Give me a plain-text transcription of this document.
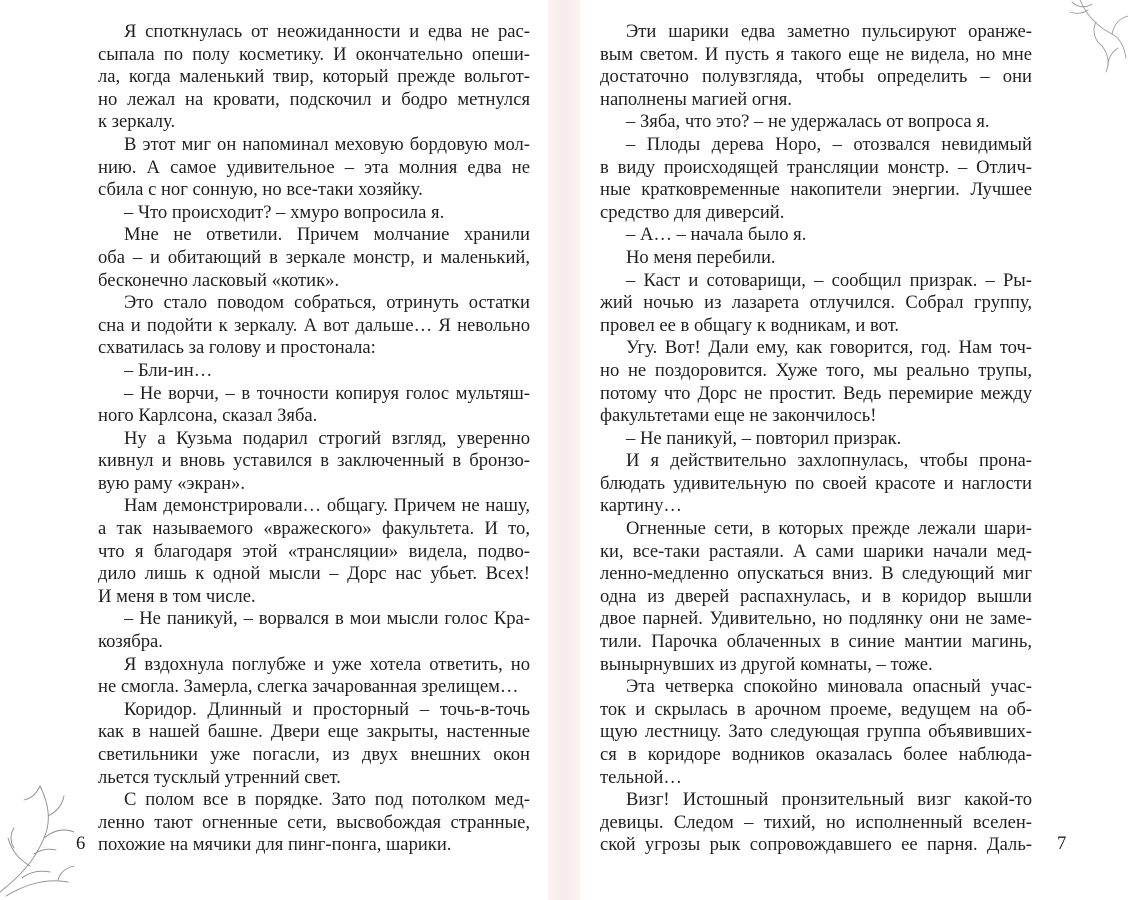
Я споткнулась от неожиданности и едва не рас-
сыпала по полу косметику. И окончательно опеши-
ла, когда маленький твир, который прежде вольгот-
но лежал на кровати, подскочил и бодро метнулся
к зеркалу.
В этот миг он напоминал меховую бордовую мол-
нию. А самое удивительное – эта молния едва не
сбила с ног сонную, но все-таки хозяйку.
– Что происходит? – хмуро вопросила я.
Мне не ответили. Причем молчание хранили
оба – и обитающий в зеркале монстр, и маленький,
бесконечно ласковый «котик».
Это стало поводом собраться, отринуть остатки
сна и подойти к зеркалу. А вот дальше… Я невольно
схватилась за голову и простонала:
– Бли-ин…
– Не ворчи, – в точности копируя голос мультяш-
ного Карлсона, сказал Зяба.
Ну а Кузьма подарил строгий взгляд, уверенно
кивнул и вновь уставился в заключенный в бронзо-
вую раму «экран».
Нам демонстрировали… общагу. Причем не нашу,
а так называемого «вражеского» факультета. И то,
что я благодаря этой «трансляции» видела, подво-
дило лишь к одной мысли – Дорс нас убьет. Всех!
И меня в том числе.
– Не паникуй, – ворвался в мои мысли голос Кра-
козябра.
Я вздохнула поглубже и уже хотела ответить, но
не смогла. Замерла, слегка зачарованная зрелищем…
Коридор. Длинный и просторный – точь-в-точь
как в нашей башне. Двери еще закрыты, настенные
светильники уже погасли, из двух внешних окон
льется тусклый утренний свет.
С полом все в порядке. Зато под потолком мед-
ленно тают огненные сети, высвобождая странные,
похожие на мячики для пинг-понга, шарики.
6
Эти шарики едва заметно пульсируют оранже-
вым светом. И пусть я такого еще не видела, но мне
достаточно полувзгляда, чтобы определить – они
наполнены магией огня.
– Зяба, что это? – не удержалась от вопроса я.
– Плоды дерева Норо, – отозвался невидимый
в виду происходящей трансляции монстр. – Отлич-
ные кратковременные накопители энергии. Лучшее
средство для диверсий.
– А… – начала было я.
Но меня перебили.
– Каст и сотоварищи, – сообщил призрак. – Ры-
жий ночью из лазарета отлучился. Собрал группу,
провел ее в общагу к водникам, и вот.
Угу. Вот! Дали ему, как говорится, год. Нам точ-
но не поздоровится. Хуже того, мы реально трупы,
потому что Дорс не простит. Ведь перемирие между
факультетами еще не закончилось!
– Не паникуй, – повторил призрак.
И я действительно захлопнулась, чтобы прона-
блюдать удивительную по своей красоте и наглости
картину…
Огненные сети, в которых прежде лежали шари-
ки, все-таки растаяли. А сами шарики начали мед-
ленно-медленно опускаться вниз. В следующий миг
одна из дверей распахнулась, и в коридор вышли
двое парней. Удивительно, но подлянку они не заме-
тили. Парочка облаченных в синие мантии магинь,
вынырнувших из другой комнаты, – тоже.
Эта четверка спокойно миновала опасный учас-
ток и скрылась в арочном проеме, ведущем на об-
щую лестницу. Зато следующая группа объявивших-
ся в коридоре водников оказалась более наблюда-
тельной…
Визг! Истошный пронзительный визг какой-то
девицы. Следом – тихий, но исполненный вселен-
ской угрозы рык сопровождавшего ее парня. Даль- 7
